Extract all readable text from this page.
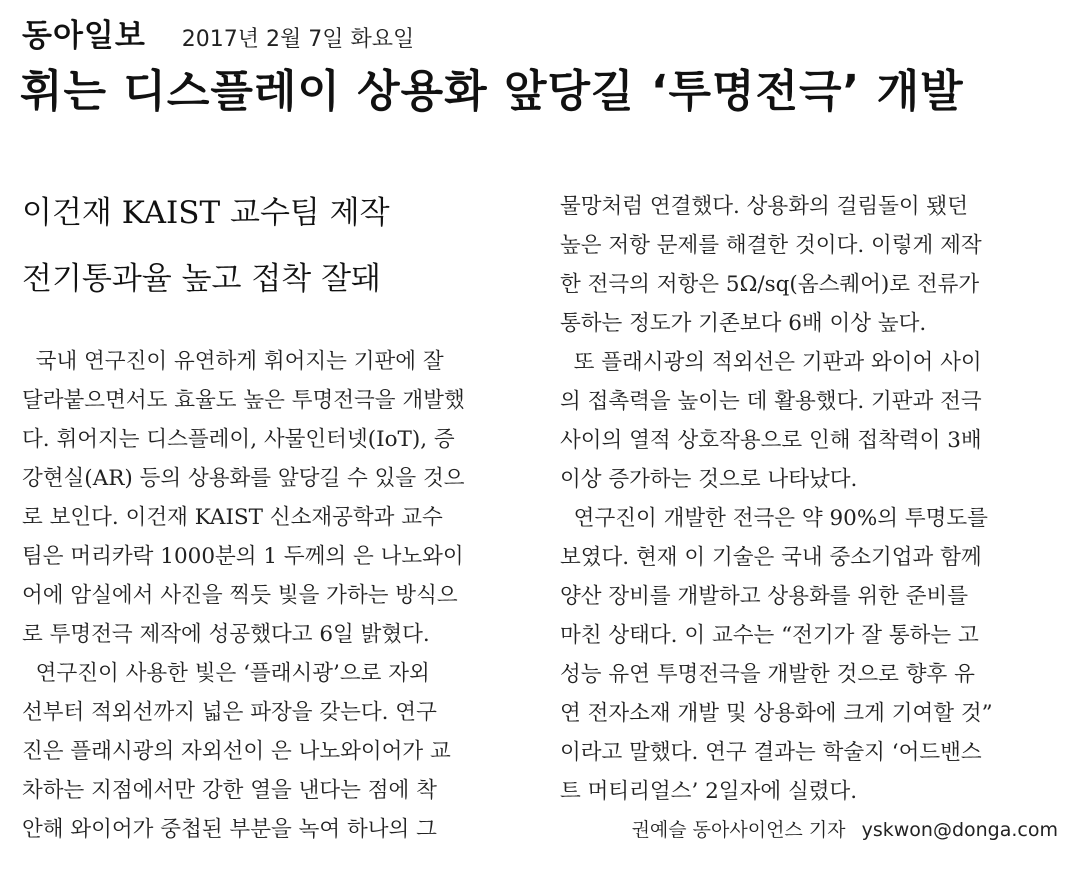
동아일보 2017년 2월 7일 화요일
휘는 디스플레이 상용화 앞당길 ‘투명전극’ 개발

이건재 KAIST 교수팀 제작

전기통과율 높고 접착 잘돼

국내 연구진이 유연하게 휘어지는 기판에 잘
달라붙으면서도 효율도 높은 투명전극을 개발했
다. 휘어지는 디스플레이, 사물인터넷(IoT), 증
강현실(AR) 등의 상용화를 앞당길 수 있을 것으
로 보인다. 이건재 KAIST 신소재공학과 교수
팀은 머리카락 1000분의 1 두께의 은 나노와이
어에 암실에서 사진을 찍듯 빛을 가하는 방식으
로 투명전극 제작에 성공했다고 6일 밝혔다.
연구진이 사용한 빛은 ‘플래시광’으로 자외
선부터 적외선까지 넓은 파장을 갖는다. 연구
진은 플래시광의 자외선이 은 나노와이어가 교
차하는 지점에서만 강한 열을 낸다는 점에 착
안해 와이어가 중첩된 부분을 녹여 하나의 그
물망처럼 연결했다. 상용화의 걸림돌이 됐던
높은 저항 문제를 해결한 것이다. 이렇게 제작
한 전극의 저항은 5Ω/sq(옴스퀘어)로 전류가
통하는 정도가 기존보다 6배 이상 높다.
또 플래시광의 적외선은 기판과 와이어 사이
의 접촉력을 높이는 데 활용했다. 기판과 전극
사이의 열적 상호작용으로 인해 접착력이 3배
이상 증가하는 것으로 나타났다.
연구진이 개발한 전극은 약 90%의 투명도를
보였다. 현재 이 기술은 국내 중소기업과 함께
양산 장비를 개발하고 상용화를 위한 준비를
마친 상태다. 이 교수는 “전기가 잘 통하는 고
성능 유연 투명전극을 개발한 것으로 향후 유
연 전자소재 개발 및 상용화에 크게 기여할 것”
이라고 말했다. 연구 결과는 학술지 ‘어드밴스
트 머티리얼스’ 2일자에 실렸다.
권예슬 동아사이언스 기자 yskwon@donga.com
